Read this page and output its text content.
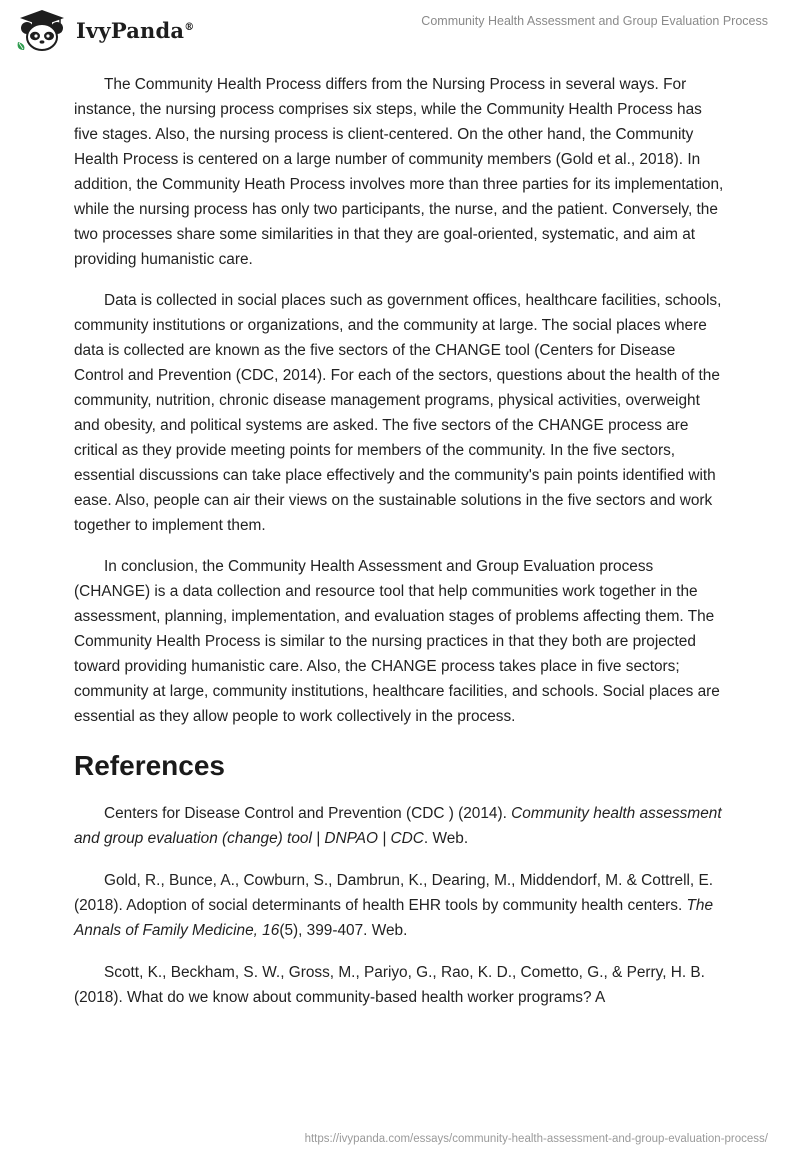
IvyPanda®	Community Health Assessment and Group Evaluation Process

The Community Health Process differs from the Nursing Process in several ways. For instance, the nursing process comprises six steps, while the Community Health Process has five stages. Also, the nursing process is client-centered. On the other hand, the Community Health Process is centered on a large number of community members (Gold et al., 2018). In addition, the Community Heath Process involves more than three parties for its implementation, while the nursing process has only two participants, the nurse, and the patient. Conversely, the two processes share some similarities in that they are goal-oriented, systematic, and aim at providing humanistic care.

Data is collected in social places such as government offices, healthcare facilities, schools, community institutions or organizations, and the community at large. The social places where data is collected are known as the five sectors of the CHANGE tool (Centers for Disease Control and Prevention (CDC, 2014). For each of the sectors, questions about the health of the community, nutrition, chronic disease management programs, physical activities, overweight and obesity, and political systems are asked. The five sectors of the CHANGE process are critical as they provide meeting points for members of the community. In the five sectors, essential discussions can take place effectively and the community's pain points identified with ease. Also, people can air their views on the sustainable solutions in the five sectors and work together to implement them.

In conclusion, the Community Health Assessment and Group Evaluation process (CHANGE) is a data collection and resource tool that help communities work together in the assessment, planning, implementation, and evaluation stages of problems affecting them. The Community Health Process is similar to the nursing practices in that they both are projected toward providing humanistic care. Also, the CHANGE process takes place in five sectors; community at large, community institutions, healthcare facilities, and schools. Social places are essential as they allow people to work collectively in the process.

References

Centers for Disease Control and Prevention (CDC ) (2014). Community health assessment and group evaluation (change) tool | DNPAO | CDC. Web.

Gold, R., Bunce, A., Cowburn, S., Dambrun, K., Dearing, M., Middendorf, M. & Cottrell, E. (2018). Adoption of social determinants of health EHR tools by community health centers. The Annals of Family Medicine, 16(5), 399-407. Web.

Scott, K., Beckham, S. W., Gross, M., Pariyo, G., Rao, K. D., Cometto, G., & Perry, H. B. (2018). What do we know about community-based health worker programs? A

https://ivypanda.com/essays/community-health-assessment-and-group-evaluation-process/
